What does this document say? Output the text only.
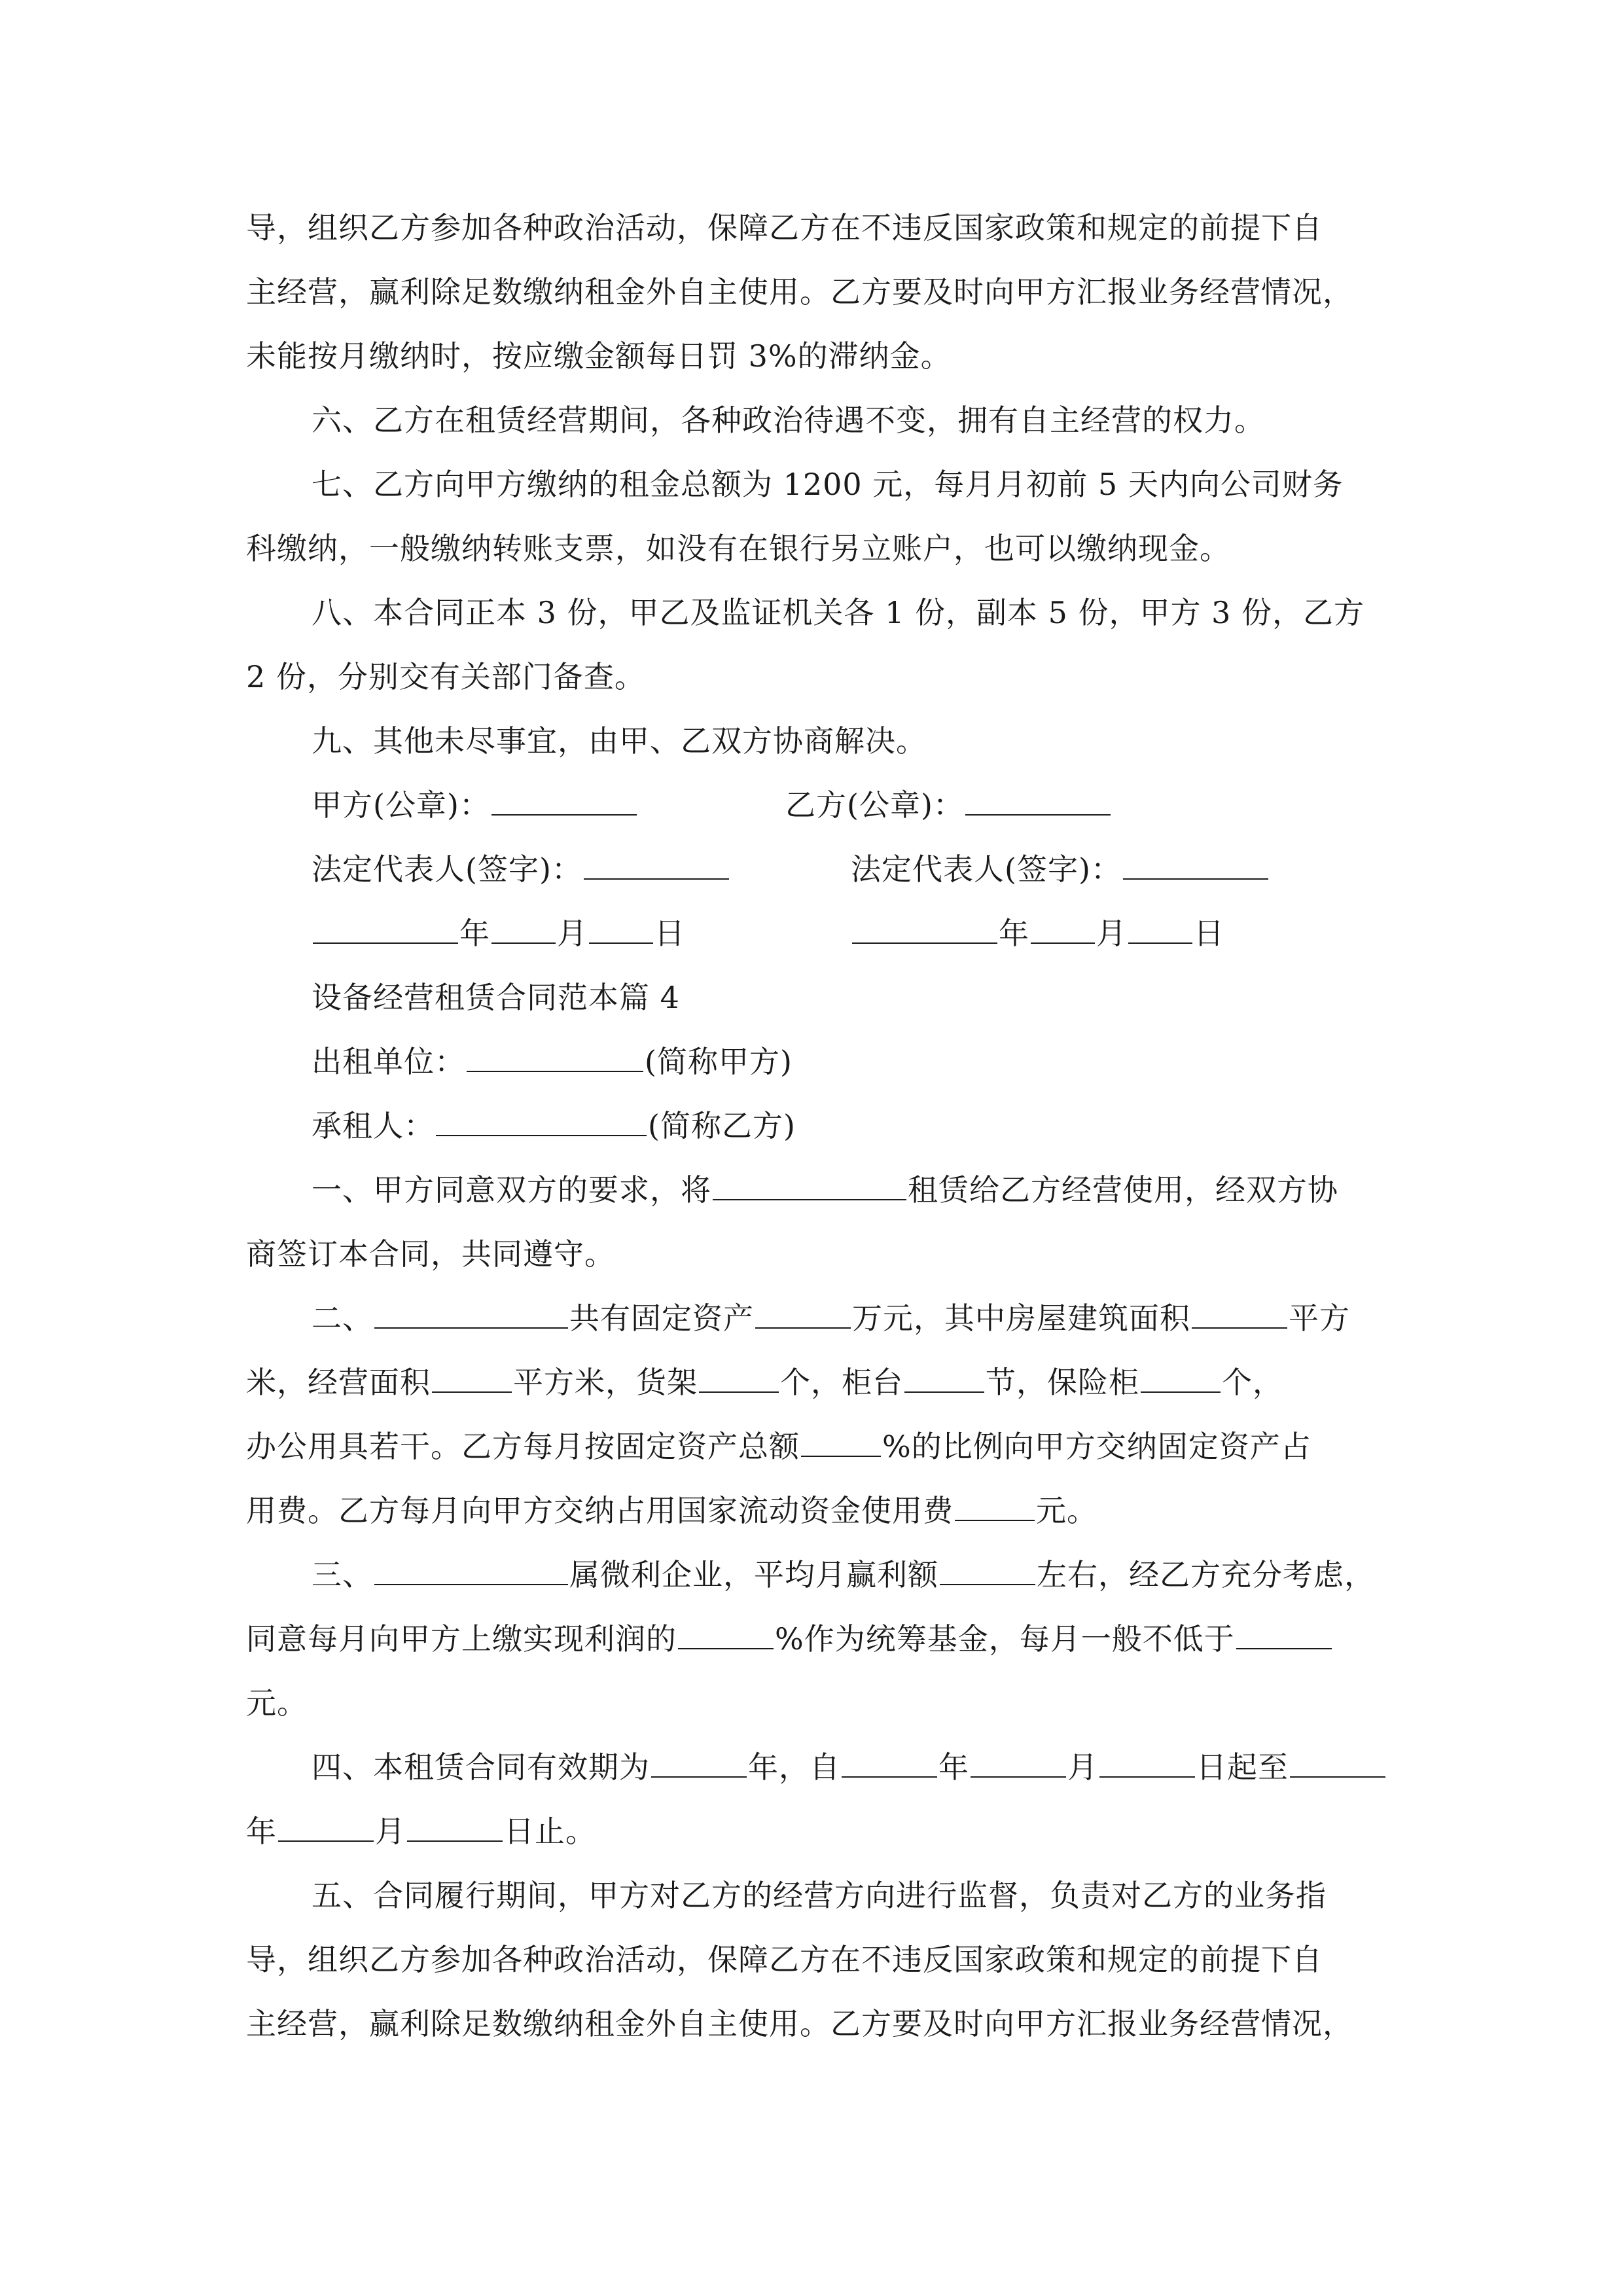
导，组织乙方参加各种政治活动，保障乙方在不违反国家政策和规定的前提下自
主经营，赢利除足数缴纳租金外自主使用。乙方要及时向甲方汇报业务经营情况，
未能按月缴纳时，按应缴金额每日罚 3%的滞纳金。
六、乙方在租赁经营期间，各种政治待遇不变，拥有自主经营的权力。
七、乙方向甲方缴纳的租金总额为 1200 元，每月月初前 5 天内向公司财务
科缴纳，一般缴纳转账支票，如没有在银行另立账户，也可以缴纳现金。
八、本合同正本 3 份，甲乙及监证机关各 1 份，副本 5 份，甲方 3 份，乙方
2 份，分别交有关部门备查。
九、其他未尽事宜，由甲、乙双方协商解决。
甲方(公章)：	乙方(公章)：
法定代表人(签字)：	法定代表人(签字)：
年 月 日	年 月 日
设备经营租赁合同范本篇 4
出租单位：	(简称甲方)
承租人：	(简称乙方)
一、甲方同意双方的要求，将	租赁给乙方经营使用，经双方协
商签订本合同，共同遵守。
二、	共有固定资产	万元，其中房屋建筑面积	平方
米，经营面积	平方米，货架	个，柜台	节，保险柜	个，
办公用具若干。乙方每月按固定资产总额	%的比例向甲方交纳固定资产占
用费。乙方每月向甲方交纳占用国家流动资金使用费	元。
三、	属微利企业，平均月赢利额	左右，经乙方充分考虑，
同意每月向甲方上缴实现利润的	%作为统筹基金，每月一般不低于
元。
四、本租赁合同有效期为	年，自	年	月	日起至
年	月	日止。
五、合同履行期间，甲方对乙方的经营方向进行监督，负责对乙方的业务指
导，组织乙方参加各种政治活动，保障乙方在不违反国家政策和规定的前提下自
主经营，赢利除足数缴纳租金外自主使用。乙方要及时向甲方汇报业务经营情况，
